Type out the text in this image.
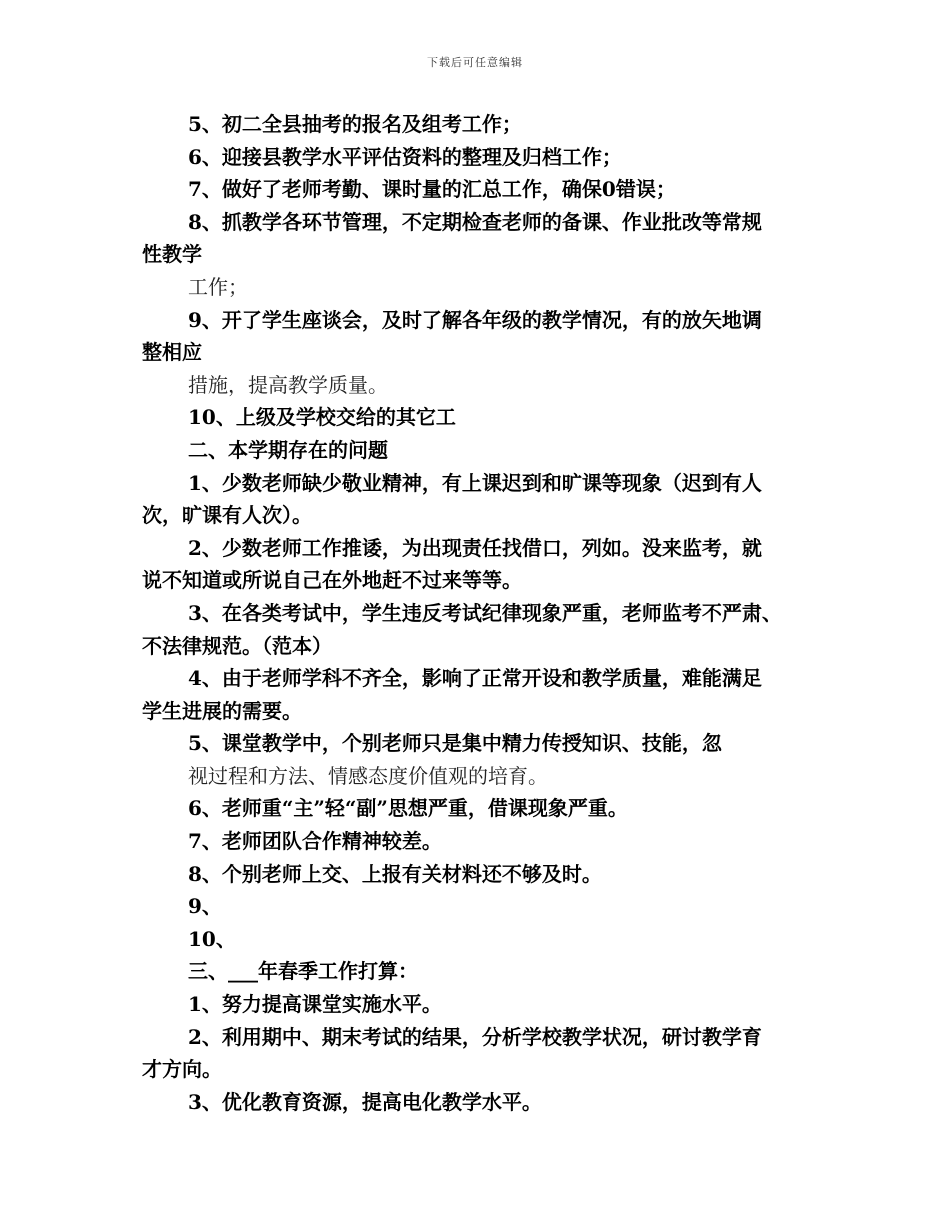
下载后可任意编辑
5、初二全县抽考的报名及组考工作；
6、迎接县教学水平评估资料的整理及归档工作；
7、做好了老师考勤、课时量的汇总工作，确保0错误；
8、抓教学各环节管理，不定期检查老师的备课、作业批改等常规
性教学
工作；
9、开了学生座谈会，及时了解各年级的教学情况，有的放矢地调
整相应
措施，提高教学质量。
10、上级及学校交给的其它工
二、本学期存在的问题
1、少数老师缺少敬业精神，有上课迟到和旷课等现象（迟到有人
次，旷课有人次）。
2、少数老师工作推诿，为出现责任找借口，列如。没来监考，就
说不知道或所说自己在外地赶不过来等等。
3、在各类考试中，学生违反考试纪律现象严重，老师监考不严肃、
不法律规范。（范本）
4、由于老师学科不齐全，影响了正常开设和教学质量，难能满足
学生进展的需要。
5、课堂教学中，个别老师只是集中精力传授知识、技能，忽
视过程和方法、情感态度价值观的培育。
6、老师重“主”轻“副”思想严重，借课现象严重。
7、老师团队合作精神较差。
8、个别老师上交、上报有关材料还不够及时。
9、
10、
三、___年春季工作打算：
1、努力提高课堂实施水平。
2、利用期中、期末考试的结果，分析学校教学状况，研讨教学育
才方向。
3、优化教育资源，提高电化教学水平。
